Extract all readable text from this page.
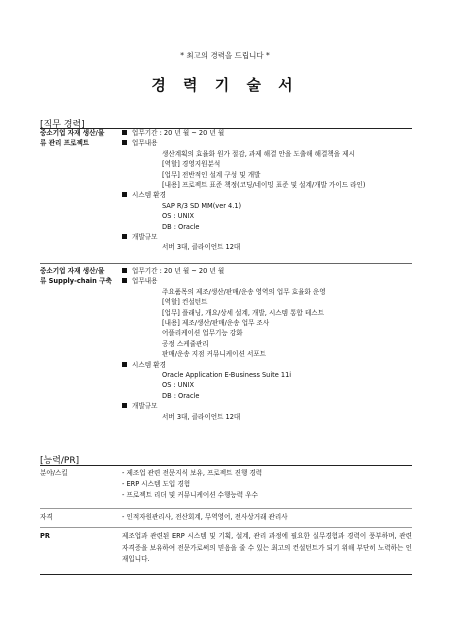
* 최고의 경력을 드립니다 *
경 력 기 술 서
[직무 경력]
중소기업 자재 생산/물
류 관리 프로젝트
업무기간 : 20 년 월 ~ 20 년 월
업무내용
생산계획의 효율화 원가 절감, 과제 해결 안을 도출해 해결책을 제시
[역할] 경영지원분석
[업무] 전반적인 설계 구성 및 개발
[내용] 프로젝트 표준 책정(코딩/네이밍 표준 및 설계/개발 가이드 라인)
시스템 환경
SAP R/3 SD MM(ver 4.1)
OS : UNIX
DB : Oracle
개발규모
서버 3대, 클라이언트 12대
중소기업 자재 생산/물
류 Supply-chain 구축
업무기간 : 20 년 월 ~ 20 년 월
업무내용
주요품목의 제조/생산/판매/운송 영역의 업무 효율화 운영
[역할] 컨설턴트
[업무] 플래닝, 개요/상세 설계, 개발, 시스템 통합 테스트
[내용] 제조/생산/판매/운송 업무 조사
어플리케이션 업무기능 강화
공정 스케쥴관리
판매/운송 지점 커뮤니케이션 서포트
시스템 환경
Oracle Application E-Business Suite 11i
OS : UNIX
DB : Oracle
개발규모
서버 3대, 클라이언트 12대
[능력/PR]
분야/스킬	- 제조업 관련 전문지식 보유, 프로젝트 진행 경력
- ERP 시스템 도입 경험
- 프로젝트 리더 및 커뮤니케이션 수행능력 우수
자격	- 인적자원관리사, 전산회계, 무역영어, 전사상거래 관리사
PR	제조업과 관련된 ERP 시스템 및 기획, 설계, 관리 과정에 필요한 실무경험과 경력이 풍부하며, 관련 자격증을 보유하여 전문가로써의 믿음을 줄 수 있는 최고의 컨설턴트가 되기 위해 부단히 노력하는 인재입니다.
